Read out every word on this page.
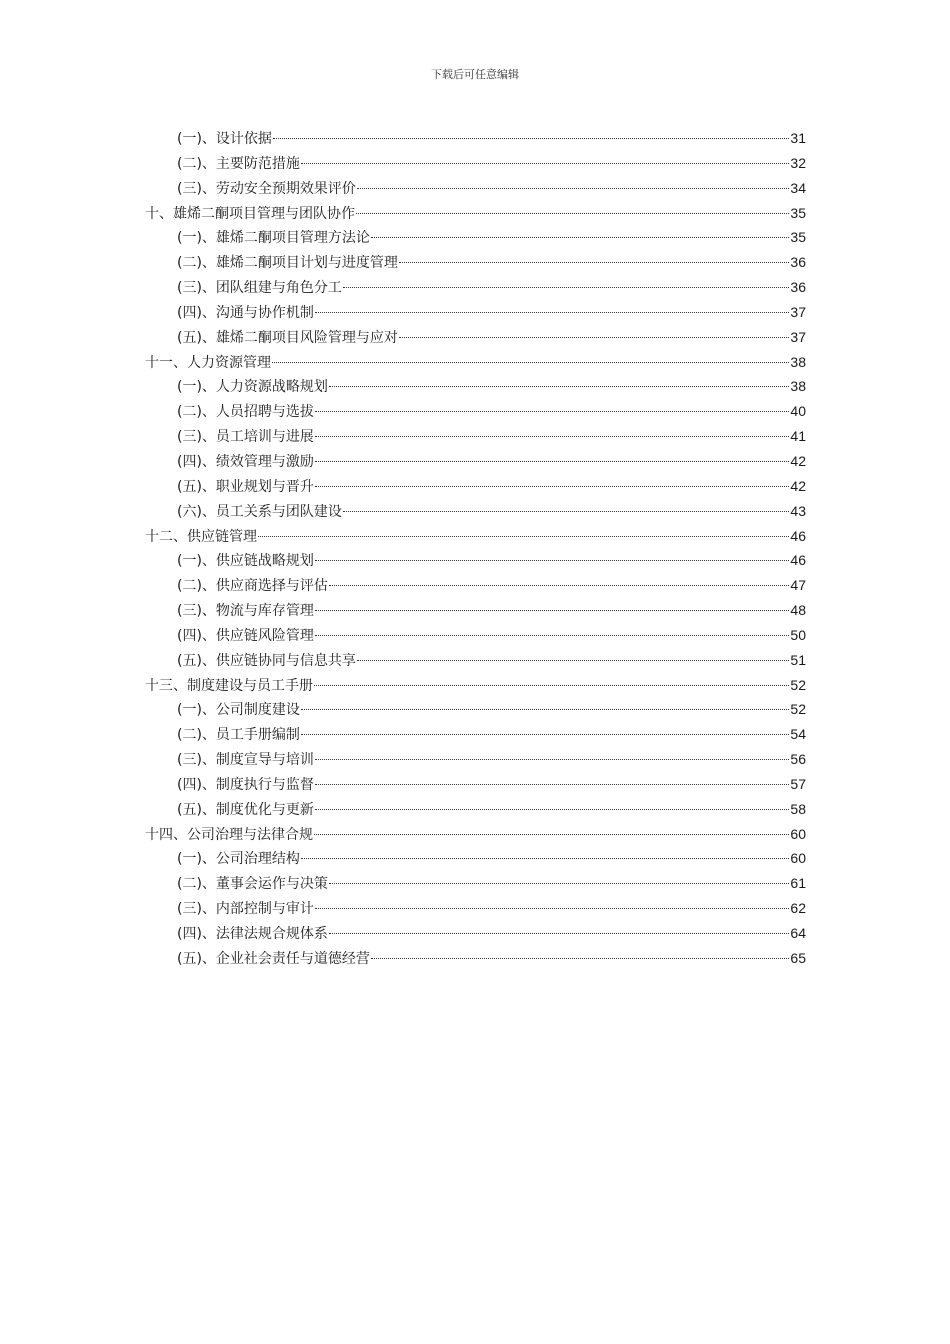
下载后可任意编辑
(一)、设计依据	31
(二)、主要防范措施	32
(三)、劳动安全预期效果评价	34
十、雄烯二酮项目管理与团队协作	35
(一)、雄烯二酮项目管理方法论	35
(二)、雄烯二酮项目计划与进度管理	36
(三)、团队组建与角色分工	36
(四)、沟通与协作机制	37
(五)、雄烯二酮项目风险管理与应对	37
十一、人力资源管理	38
(一)、人力资源战略规划	38
(二)、人员招聘与选拔	40
(三)、员工培训与进展	41
(四)、绩效管理与激励	42
(五)、职业规划与晋升	42
(六)、员工关系与团队建设	43
十二、供应链管理	46
(一)、供应链战略规划	46
(二)、供应商选择与评估	47
(三)、物流与库存管理	48
(四)、供应链风险管理	50
(五)、供应链协同与信息共享	51
十三、制度建设与员工手册	52
(一)、公司制度建设	52
(二)、员工手册编制	54
(三)、制度宣导与培训	56
(四)、制度执行与监督	57
(五)、制度优化与更新	58
十四、公司治理与法律合规	60
(一)、公司治理结构	60
(二)、董事会运作与决策	61
(三)、内部控制与审计	62
(四)、法律法规合规体系	64
(五)、企业社会责任与道德经营	65
